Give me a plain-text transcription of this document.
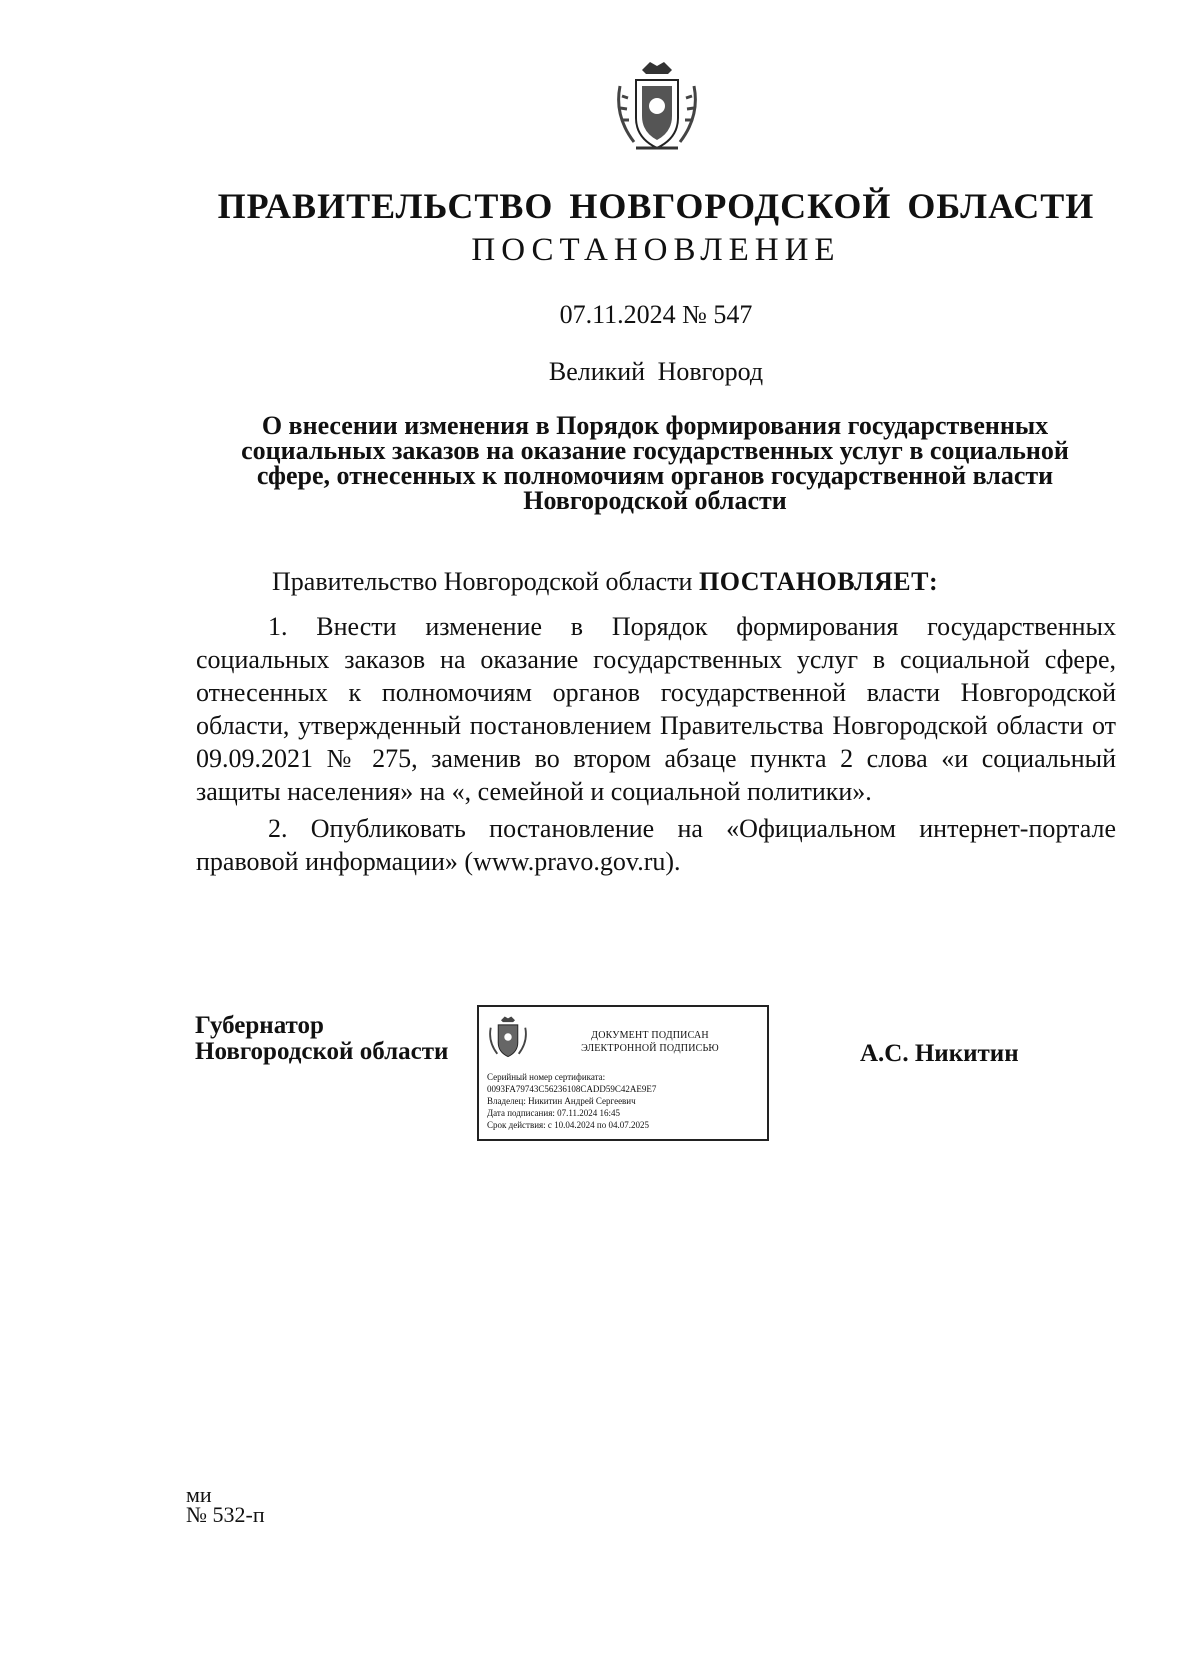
ПРАВИТЕЛЬСТВО НОВГОРОДСКОЙ ОБЛАСТИ
ПОСТАНОВЛЕНИЕ
07.11.2024 № 547
Великий Новгород
О внесении изменения в Порядок формирования государственных
социальных заказов на оказание государственных услуг в социальной
сфере, отнесенных к полномочиям органов государственной власти
Новгородской области
Правительство Новгородской области ПОСТАНОВЛЯЕТ:
1. Внести изменение в Порядок формирования государственных социальных заказов на оказание государственных услуг в социальной сфере, отнесенных к полномочиям органов государственной власти Новгородской области, утвержденный постановлением Правительства Новгородской области от 09.09.2021 № 275, заменив во втором абзаце пункта 2 слова «и социальный защиты населения» на «, семейной и социальной политики».
2. Опубликовать постановление на «Официальном интернет-портале правовой информации» (www.pravo.gov.ru).
Губернатор
Новгородской области
ДОКУМЕНТ ПОДПИСАН
ЭЛЕКТРОННОЙ ПОДПИСЬЮ
Серийный номер сертификата:
0093FA79743C56236108CADD59C42AE9E7
Владелец: Никитин Андрей Сергеевич
Дата подписания: 07.11.2024 16:45
Срок действия: с 10.04.2024 по 04.07.2025
А.С. Никитин
ми
№ 532-п
